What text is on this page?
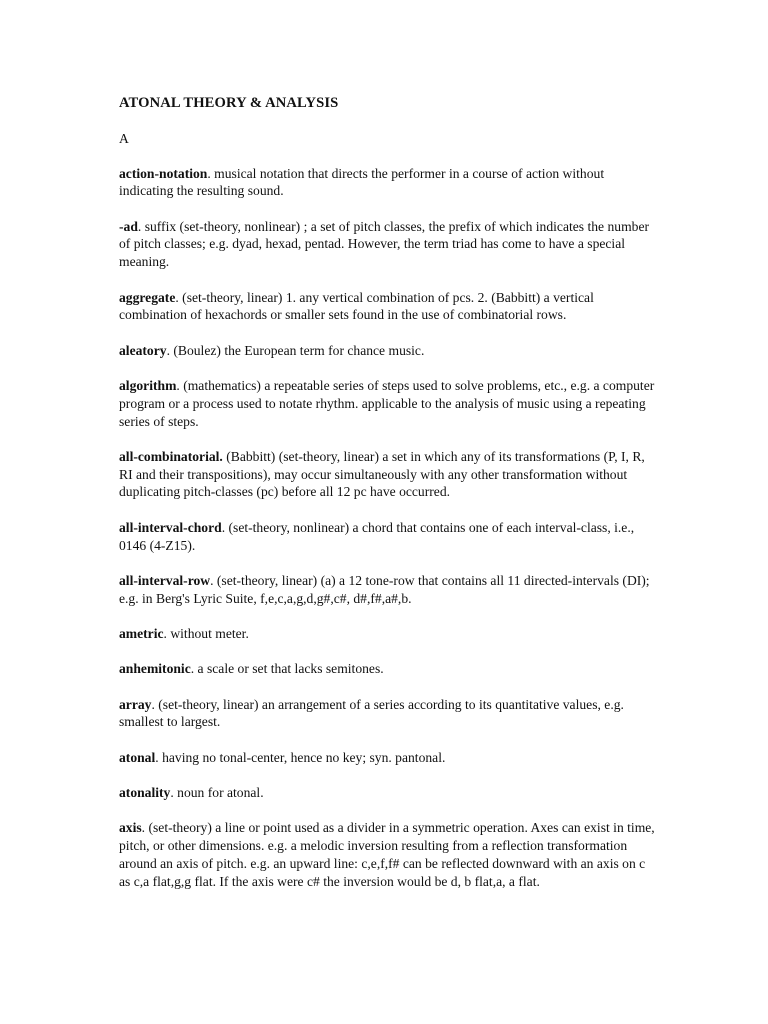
ATONAL THEORY & ANALYSIS
A

action-notation. musical notation that directs the performer in a course of action without indicating the resulting sound.

-ad. suffix (set-theory, nonlinear) ; a set of pitch classes, the prefix of which indicates the number of pitch classes; e.g. dyad, hexad, pentad. However, the term triad has come to have a special meaning.

aggregate. (set-theory, linear) 1. any vertical combination of pcs. 2. (Babbitt) a vertical combination of hexachords or smaller sets found in the use of combinatorial rows.

aleatory. (Boulez) the European term for chance music.

algorithm. (mathematics) a repeatable series of steps used to solve problems, etc., e.g. a computer program or a process used to notate rhythm. applicable to the analysis of music using a repeating series of steps.

all-combinatorial. (Babbitt) (set-theory, linear) a set in which any of its transformations (P, I, R, RI and their transpositions), may occur simultaneously with any other transformation without duplicating pitch-classes (pc) before all 12 pc have occurred.

all-interval-chord. (set-theory, nonlinear) a chord that contains one of each interval-class, i.e., 0146 (4-Z15).

all-interval-row. (set-theory, linear) (a) a 12 tone-row that contains all 11 directed-intervals (DI); e.g. in Berg's Lyric Suite, f,e,c,a,g,d,g#,c#, d#,f#,a#,b.

ametric. without meter.

anhemitonic. a scale or set that lacks semitones.

array. (set-theory, linear) an arrangement of a series according to its quantitative values, e.g. smallest to largest.

atonal. having no tonal-center, hence no key; syn. pantonal.

atonality. noun for atonal.

axis. (set-theory) a line or point used as a divider in a symmetric operation. Axes can exist in time, pitch, or other dimensions. e.g. a melodic inversion resulting from a reflection transformation around an axis of pitch. e.g. an upward line: c,e,f,f# can be reflected downward with an axis on c as c,a flat,g,g flat. If the axis were c# the inversion would be d, b flat,a, a flat.
